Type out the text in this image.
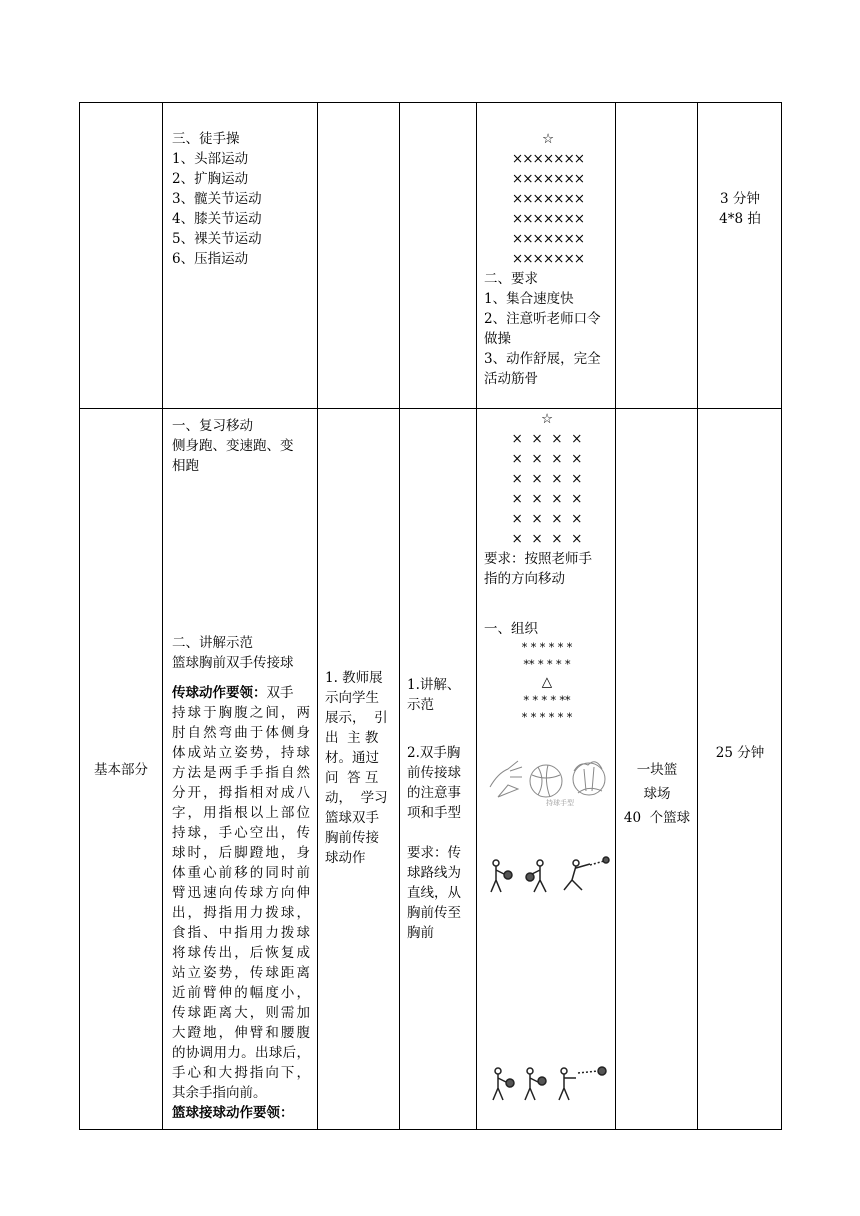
三、徒手操
1、头部运动
2、扩胸运动
3、髋关节运动
4、膝关节运动
5、裸关节运动
6、压指运动
☆
×××××××
×××××××
×××××××
×××××××
×××××××
×××××××
二、要求
1、集合速度快
2、注意听老师口令
做操
3、动作舒展，完全
活动筋骨
3 分钟
4*8 拍
基本部分
一、复习移动
侧身跑、变速跑、变
相跑
二、讲解示范
篮球胸前双手传接球
传球动作要领：双手
持球于胸腹之间，两
肘自然弯曲于体侧身
体成站立姿势，持球
方法是两手手指自然
分开，拇指相对成八
字，用指根以上部位
持球，手心空出，传
球时，后脚蹬地，身
体重心前移的同时前
臂迅速向传球方向伸
出，拇指用力拨球，
食指、中指用力拨球
将球传出，后恢复成
站立姿势，传球距离
近前臂伸的幅度小，
传球距离大，则需加
大蹬地，伸臂和腰腹
的协调用力。出球后，
手心和大拇指向下，
其余手指向前。
篮球接球动作要领：
1. 教师展
示向学生
展示，  引
出  主 教
材。通过
问  答 互
动，  学习
篮球双手
胸前传接
球动作
1.讲解、
示范
2.双手胸
前传接球
的注意事
项和手型
要求：传
球路线为
直线，从
胸前传至
胸前
☆
×  ×  ×  ×
×  ×  ×  ×
×  ×  ×  ×
×  ×  ×  ×
×  ×  ×  ×
×  ×  ×  ×
要求：按照老师手
指的方向移动
一、组织
* * * * * *
** * * * *
△
* * * * **
* * * * * *
持球手型
一块篮
球场
40  个篮球
25 分钟
